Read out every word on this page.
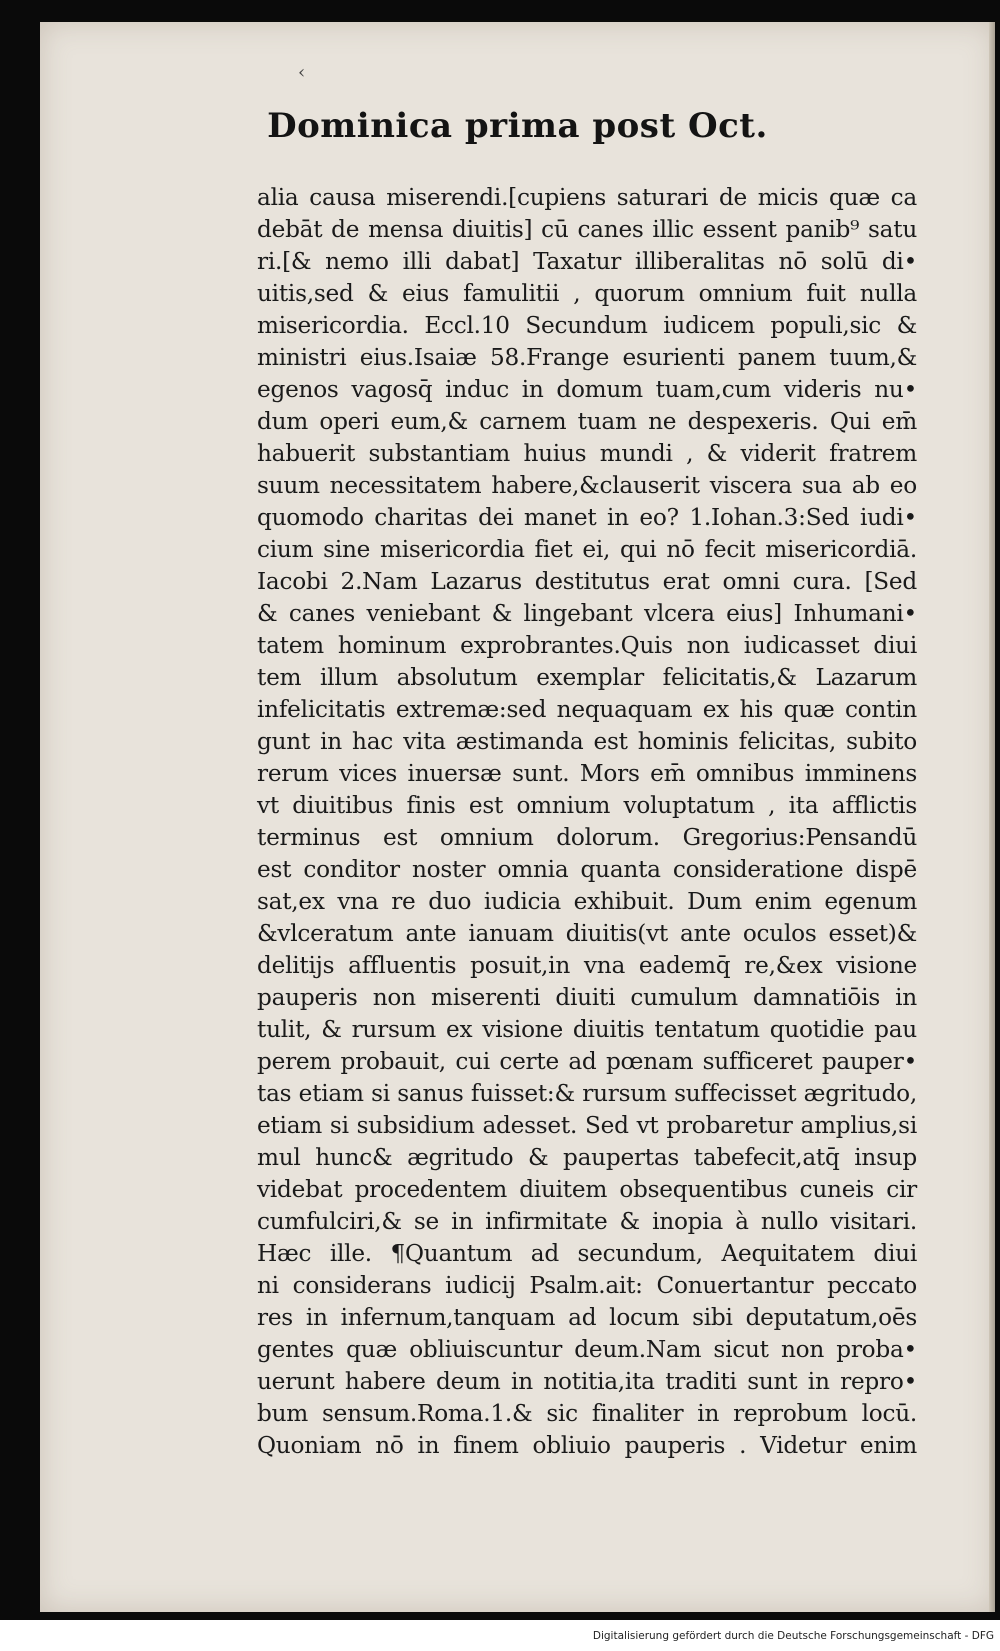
‹
Dominica prima post Oct.
alia causa miserendi.[cupiens saturari de micis quæ ca
debāt de mensa diuitis] cū canes illic essent panib⁹ satu
ri.[& nemo illi dabat] Taxatur illiberalitas nō solū di•
uitis,sed & eius famulitii , quorum omnium fuit nulla
misericordia. Eccl.10 Secundum iudicem populi,sic &
ministri eius.Isaiæ 58.Frange esurienti panem tuum,&
egenos vagosq̄ induc in domum tuam,cum videris nu•
dum operi eum,& carnem tuam ne despexeris. Qui em̄
habuerit substantiam huius mundi , & viderit fratrem
suum necessitatem habere,&clauserit viscera sua ab eo
quomodo charitas dei manet in eo? 1.Iohan.3:Sed iudi•
cium sine misericordia fiet ei, qui nō fecit misericordiā.
Iacobi 2.Nam Lazarus destitutus erat omni cura. [Sed
& canes veniebant & lingebant vlcera eius] Inhumani•
tatem hominum exprobrantes.Quis non iudicasset diui
tem illum absolutum exemplar felicitatis,& Lazarum
infelicitatis extremæ:sed nequaquam ex his quæ contin
gunt in hac vita æstimanda est hominis felicitas, subito
rerum vices inuersæ sunt. Mors em̄ omnibus imminens
vt diuitibus finis est omnium voluptatum , ita afflictis
terminus est omnium dolorum. Gregorius:Pensandū
est conditor noster omnia quanta consideratione dispē
sat,ex vna re duo iudicia exhibuit. Dum enim egenum
&vlceratum ante ianuam diuitis(vt ante oculos esset)&
delitijs affluentis posuit,in vna eademq̄ re,&ex visione
pauperis non miserenti diuiti cumulum damnatiōis in
tulit, & rursum ex visione diuitis tentatum quotidie pau
perem probauit, cui certe ad pœnam sufficeret pauper•
tas etiam si sanus fuisset:& rursum suffecisset ægritudo,
etiam si subsidium adesset. Sed vt probaretur amplius,si
mul hunc& ægritudo & paupertas tabefecit,atq̄ insup
videbat procedentem diuitem obsequentibus cuneis cir
cumfulciri,& se in infirmitate & inopia à nullo visitari.
Hæc ille. ¶Quantum ad secundum, Aequitatem diui
ni considerans iudicij Psalm.ait: Conuertantur peccato
res in infernum,tanquam ad locum sibi deputatum,oēs
gentes quæ obliuiscuntur deum.Nam sicut non proba•
uerunt habere deum in notitia,ita traditi sunt in repro•
bum sensum.Roma.1.& sic finaliter in reprobum locū.
Quoniam nō in finem obliuio pauperis . Videtur enim
Digitalisierung gefördert durch die Deutsche Forschungsgemeinschaft - DFG
